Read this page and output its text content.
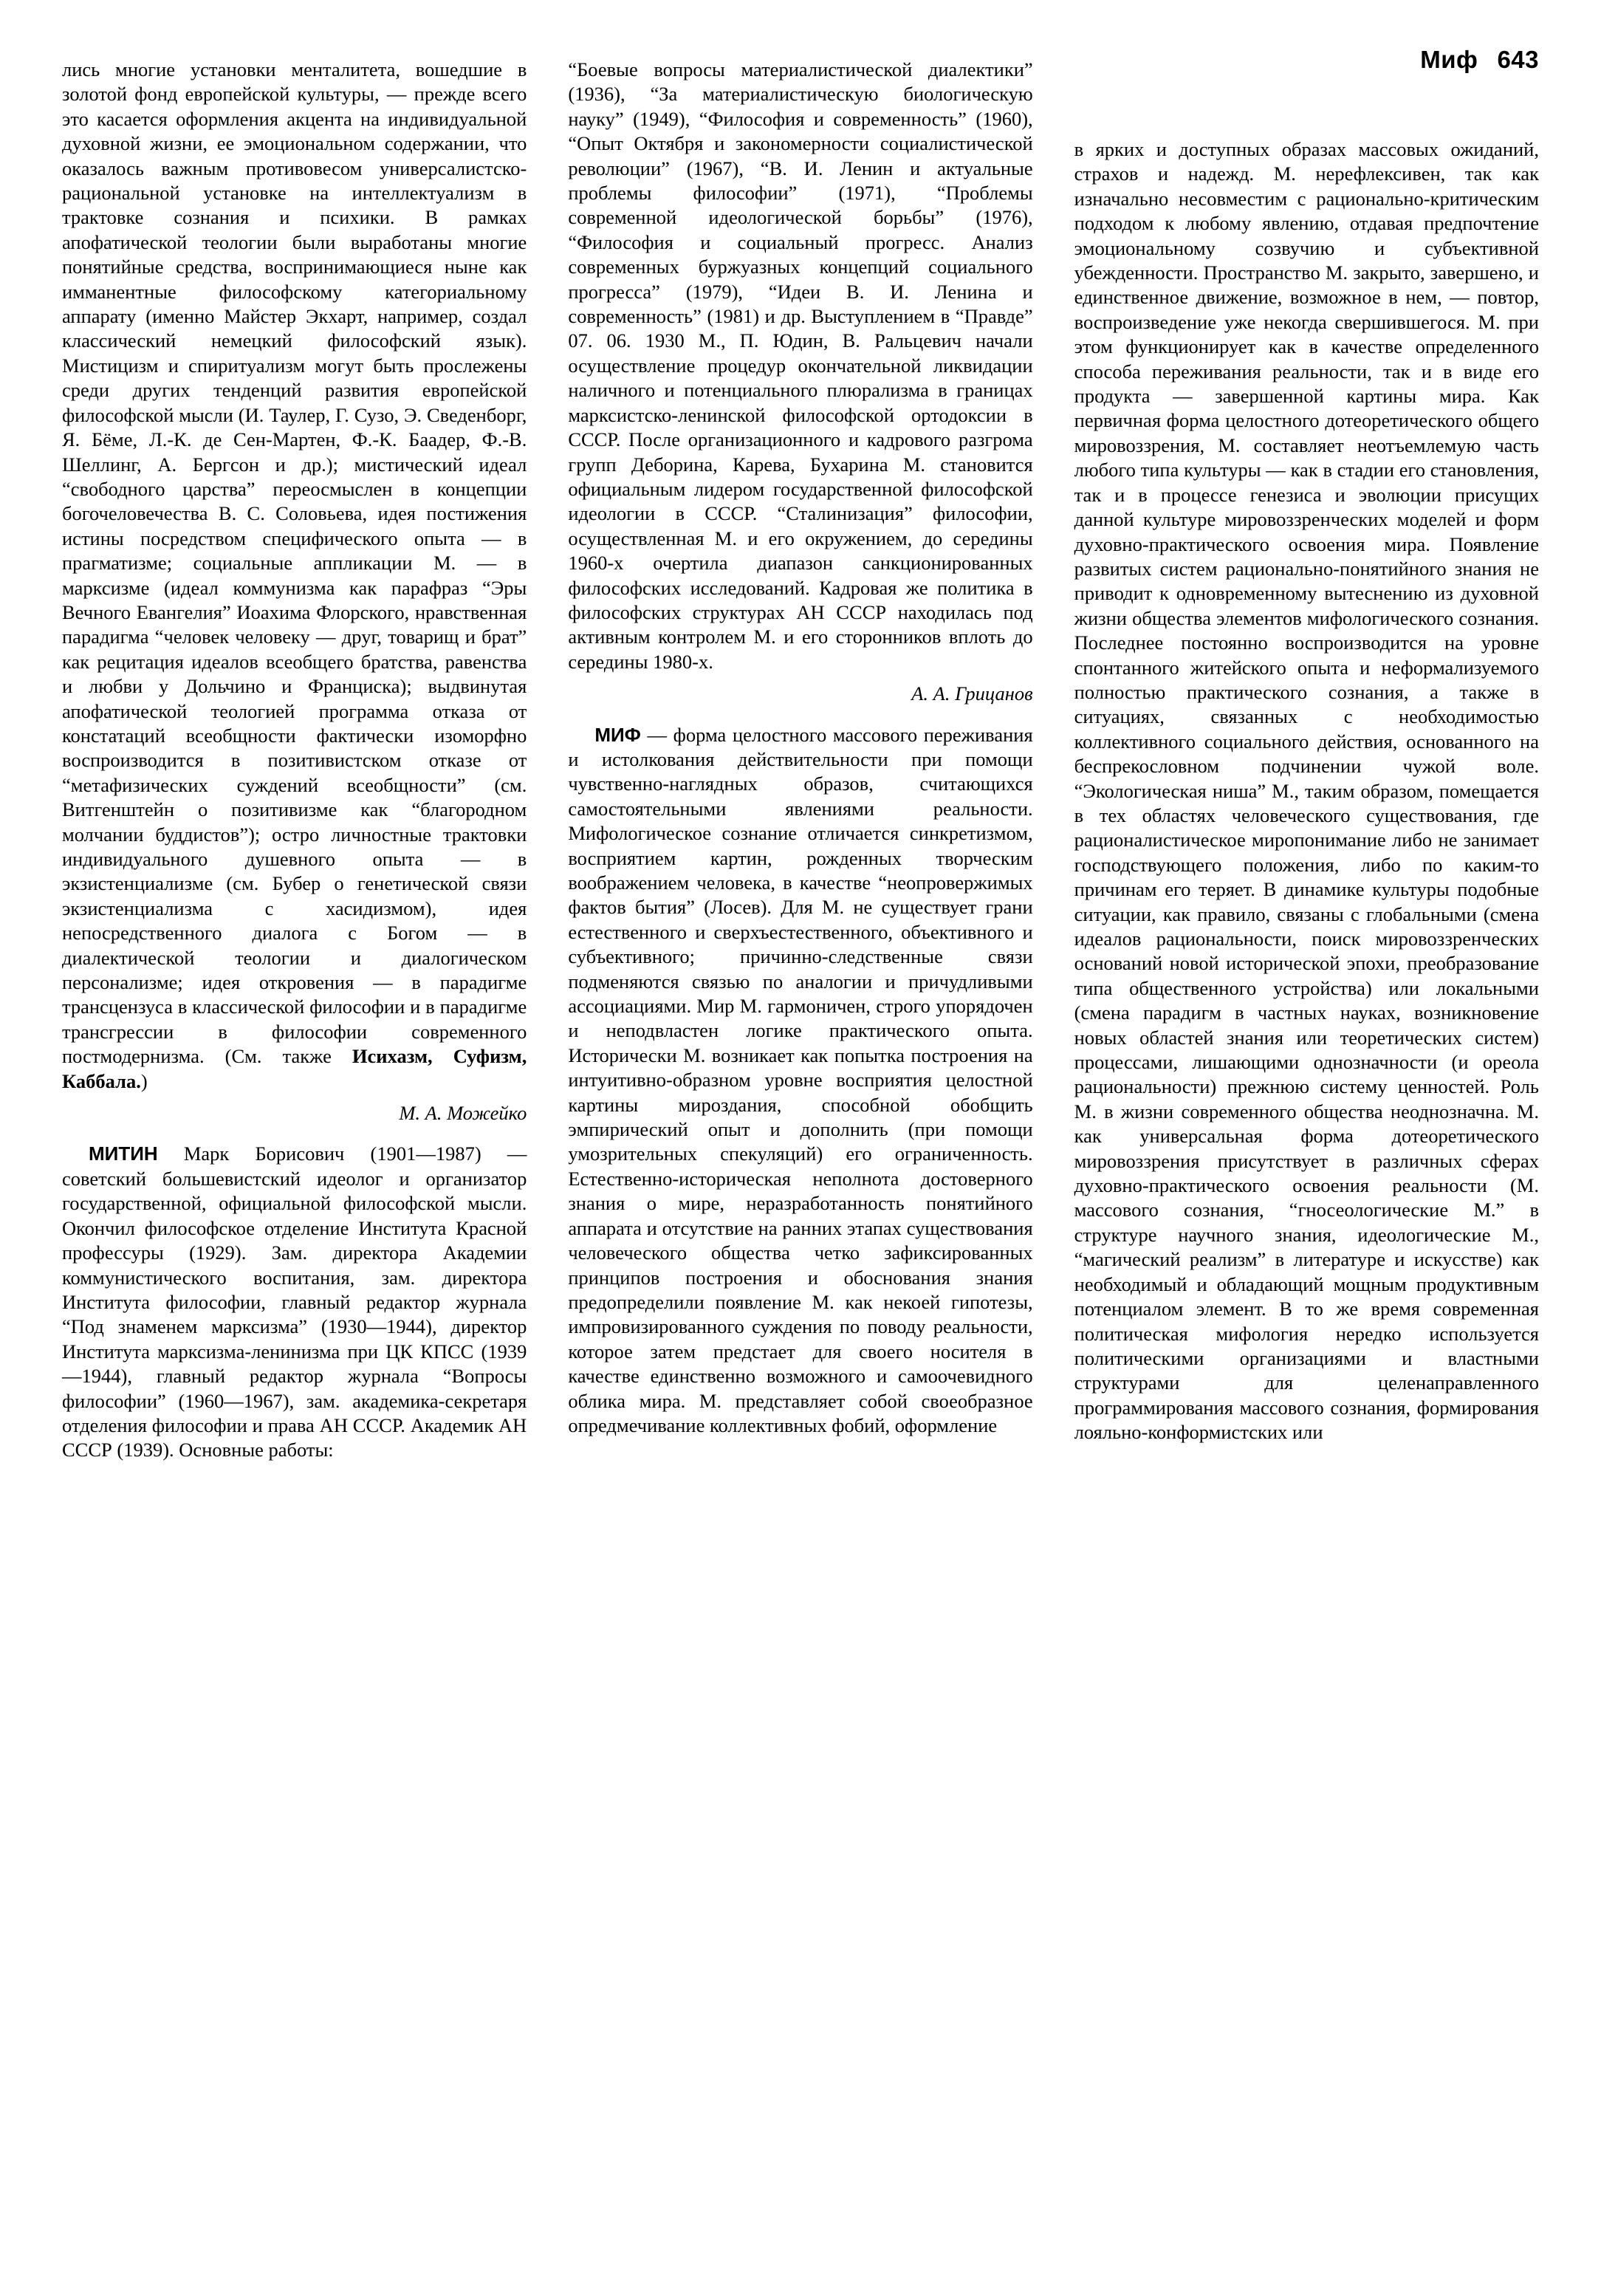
Миф 643

лись многие установки менталитета, вошедшие в золотой фонд европейской культуры, — прежде всего это касается оформления акцента на индивидуальной духовной жизни, ее эмоциональном содержании, что оказалось важным противовесом универсалистско-рациональной установке на интеллектуализм в трактовке сознания и психики. В рамках апофатической теологии были выработаны многие понятийные средства, воспринимающиеся ныне как имманентные философскому категориальному аппарату (именно Майстер Экхарт, например, создал классический немецкий философский язык). Мистицизм и спиритуализм могут быть прослежены среди других тенденций развития европейской философской мысли (И. Таулер, Г. Сузо, Э. Сведенборг, Я. Бёме, Л.-К. де Сен-Мартен, Ф.-К. Баадер, Ф.-В. Шеллинг, А. Бергсон и др.); мистический идеал “свободного царства” переосмыслен в концепции богочеловечества В. С. Соловьева, идея постижения истины посредством специфического опыта — в прагматизме; социальные аппликации М. — в марксизме (идеал коммунизма как парафраз “Эры Вечного Евангелия” Иоахима Флорского, нравственная парадигма “человек человеку — друг, товарищ и брат” как рецитация идеалов всеобщего братства, равенства и любви у Дольчино и Франциска); выдвинутая апофатической теологией программа отказа от констатаций всеобщности фактически изоморфно воспроизводится в позитивистском отказе от “метафизических суждений всеобщности” (см. Витгенштейн о позитивизме как “благородном молчании буддистов”); остро личностные трактовки индивидуального душевного опыта — в экзистенциализме (см. Бубер о генетической связи экзистенциализма с хасидизмом), идея непосредственного диалога с Богом — в диалектической теологии и диалогическом персонализме; идея откровения — в парадигме трансцензуса в классической философии и в парадигме трансгрессии в философии современного постмодернизма. (См. также Исихазм, Суфизм, Каббала.)

М. А. Можейко

МИТИН Марк Борисович (1901—1987) — советский большевистский идеолог и организатор государственной, официальной философской мысли. Окончил философское отделение Института Красной профессуры (1929). Зам. директора Академии коммунистического воспитания, зам. директора Института философии, главный редактор журнала “Под знаменем марксизма” (1930—1944), директор Института марксизма-ленинизма при ЦК КПСС (1939—1944), главный редактор журнала “Вопросы философии” (1960—1967), зам. академика-секретаря отделения философии и права АН СССР. Академик АН СССР (1939). Основные работы:

“Боевые вопросы материалистической диалектики” (1936), “За материалистическую биологическую науку” (1949), “Философия и современность” (1960), “Опыт Октября и закономерности социалистической революции” (1967), “В. И. Ленин и актуальные проблемы философии” (1971), “Проблемы современной идеологической борьбы” (1976), “Философия и социальный прогресс. Анализ современных буржуазных концепций социального прогресса” (1979), “Идеи В. И. Ленина и современность” (1981) и др. Выступлением в “Правде” 07. 06. 1930 М., П. Юдин, В. Ральцевич начали осуществление процедур окончательной ликвидации наличного и потенциального плюрализма в границах марксистско-ленинской философской ортодоксии в СССР. После организационного и кадрового разгрома групп Деборина, Карева, Бухарина М. становится официальным лидером государственной философской идеологии в СССР. “Сталинизация” философии, осуществленная М. и его окружением, до середины 1960-х очертила диапазон санкционированных философских исследований. Кадровая же политика в философских структурах АН СССР находилась под активным контролем М. и его сторонников вплоть до середины 1980-х.

А. А. Грицанов

МИФ — форма целостного массового переживания и истолкования действительности при помощи чувственно-наглядных образов, считающихся самостоятельными явлениями реальности. Мифологическое сознание отличается синкретизмом, восприятием картин, рожденных творческим воображением человека, в качестве “неопровержимых фактов бытия” (Лосев). Для М. не существует грани естественного и сверхъестественного, объективного и субъективного; причинно-следственные связи подменяются связью по аналогии и причудливыми ассоциациями. Мир М. гармоничен, строго упорядочен и неподвластен логике практического опыта. Исторически М. возникает как попытка построения на интуитивно-образном уровне восприятия целостной картины мироздания, способной обобщить эмпирический опыт и дополнить (при помощи умозрительных спекуляций) его ограниченность. Естественно-историческая неполнота достоверного знания о мире, неразработанность понятийного аппарата и отсутствие на ранних этапах существования человеческого общества четко зафиксированных принципов построения и обоснования знания предопределили появление М. как некоей гипотезы, импровизированного суждения по поводу реальности, которое затем предстает для своего носителя в качестве единственно возможного и самоочевидного облика мира. М. представляет собой своеобразное опредмечивание коллективных фобий, оформление

в ярких и доступных образах массовых ожиданий, страхов и надежд. М. нерефлексивен, так как изначально несовместим с рационально-критическим подходом к любому явлению, отдавая предпочтение эмоциональному созвучию и субъективной убежденности. Пространство М. закрыто, завершено, и единственное движение, возможное в нем, — повтор, воспроизведение уже некогда свершившегося. М. при этом функционирует как в качестве определенного способа переживания реальности, так и в виде его продукта — завершенной картины мира. Как первичная форма целостного дотеоретического общего мировоззрения, М. составляет неотъемлемую часть любого типа культуры — как в стадии его становления, так и в процессе генезиса и эволюции присущих данной культуре мировоззренческих моделей и форм духовно-практического освоения мира. Появление развитых систем рационально-понятийного знания не приводит к одновременному вытеснению из духовной жизни общества элементов мифологического сознания. Последнее постоянно воспроизводится на уровне спонтанного житейского опыта и неформализуемого полностью практического сознания, а также в ситуациях, связанных с необходимостью коллективного социального действия, основанного на беспрекословном подчинении чужой воле. “Экологическая ниша” М., таким образом, помещается в тех областях человеческого существования, где рационалистическое миропонимание либо не занимает господствующего положения, либо по каким-то причинам его теряет. В динамике культуры подобные ситуации, как правило, связаны с глобальными (смена идеалов рациональности, поиск мировоззренческих оснований новой исторической эпохи, преобразование типа общественного устройства) или локальными (смена парадигм в частных науках, возникновение новых областей знания или теоретических систем) процессами, лишающими однозначности (и ореола рациональности) прежнюю систему ценностей. Роль М. в жизни современного общества неоднозначна. М. как универсальная форма дотеоретического мировоззрения присутствует в различных сферах духовно-практического освоения реальности (М. массового сознания, “гносеологические М.” в структуре научного знания, идеологические М., “магический реализм” в литературе и искусстве) как необходимый и обладающий мощным продуктивным потенциалом элемент. В то же время современная политическая мифология нередко используется политическими организациями и властными структурами для целенаправленного программирования массового сознания, формирования лояльно-конформистских или
